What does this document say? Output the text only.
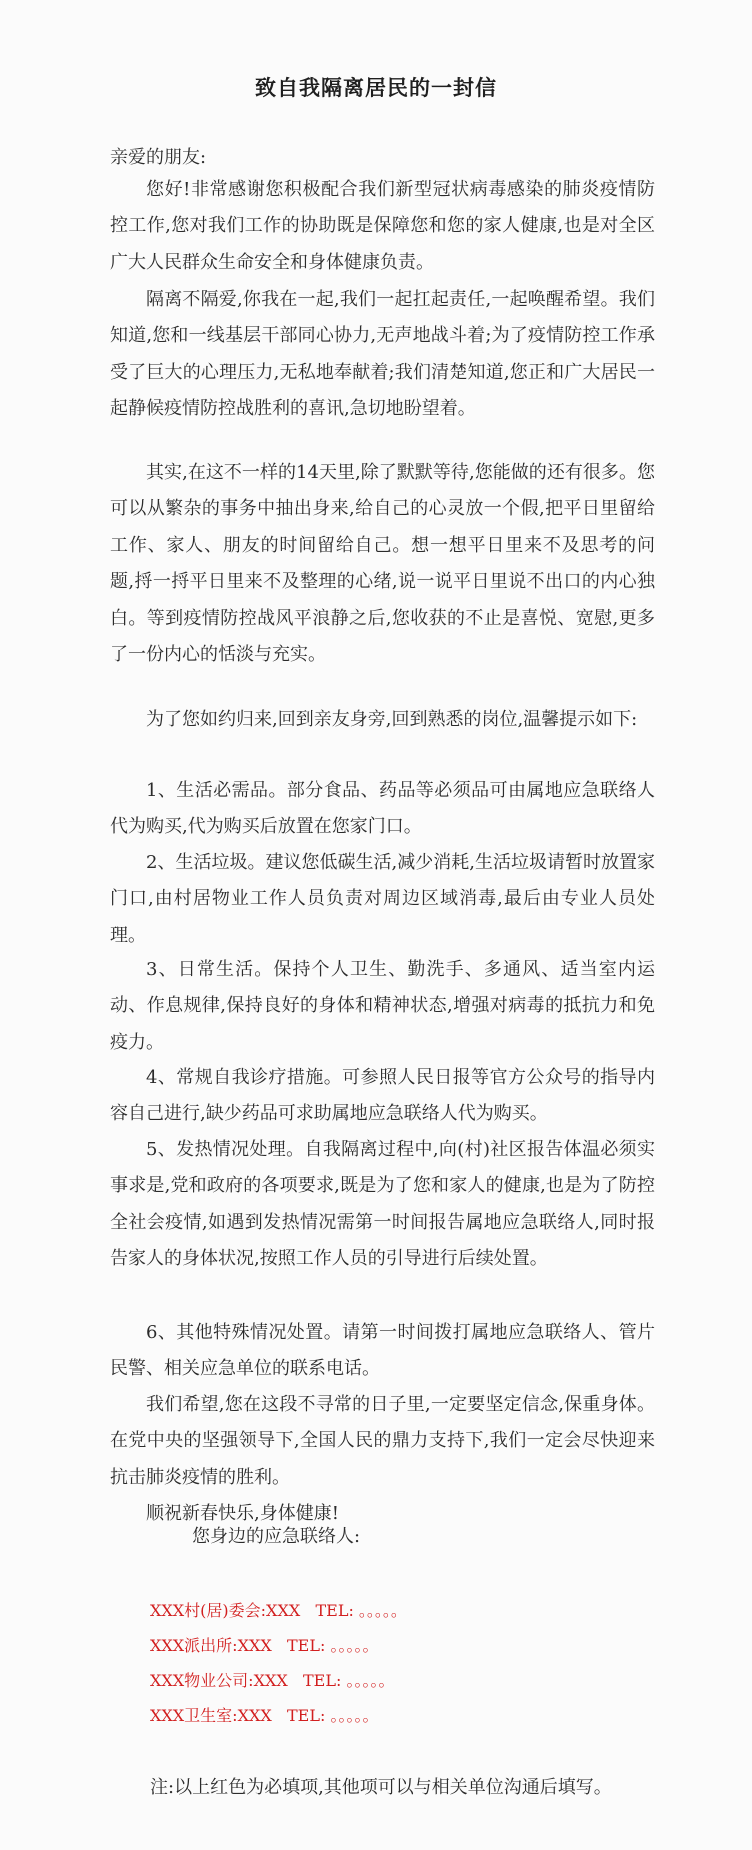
致自我隔离居民的一封信
亲爱的朋友:

您好!非常感谢您积极配合我们新型冠状病毒感染的肺炎疫情防控工作,您对我们工作的协助既是保障您和您的家人健康,也是对全区广大人民群众生命安全和身体健康负责。

隔离不隔爱,你我在一起,我们一起扛起责任,一起唤醒希望。我们知道,您和一线基层干部同心协力,无声地战斗着;为了疫情防控工作承受了巨大的心理压力,无私地奉献着;我们清楚知道,您正和广大居民一起静候疫情防控战胜利的喜讯,急切地盼望着。

其实,在这不一样的14天里,除了默默等待,您能做的还有很多。您可以从繁杂的事务中抽出身来,给自己的心灵放一个假,把平日里留给工作、家人、朋友的时间留给自己。想一想平日里来不及思考的问题,捋一捋平日里来不及整理的心绪,说一说平日里说不出口的内心独白。等到疫情防控战风平浪静之后,您收获的不止是喜悦、宽慰,更多了一份内心的恬淡与充实。

为了您如约归来,回到亲友身旁,回到熟悉的岗位,温馨提示如下:

1、生活必需品。部分食品、药品等必须品可由属地应急联络人代为购买,代为购买后放置在您家门口。

2、生活垃圾。建议您低碳生活,减少消耗,生活垃圾请暂时放置家门口,由村居物业工作人员负责对周边区域消毒,最后由专业人员处理。

3、日常生活。保持个人卫生、勤洗手、多通风、适当室内运动、作息规律,保持良好的身体和精神状态,增强对病毒的抵抗力和免疫力。

4、常规自我诊疗措施。可参照人民日报等官方公众号的指导内容自己进行,缺少药品可求助属地应急联络人代为购买。

5、发热情况处理。自我隔离过程中,向(村)社区报告体温必须实事求是,党和政府的各项要求,既是为了您和家人的健康,也是为了防控全社会疫情,如遇到发热情况需第一时间报告属地应急联络人,同时报告家人的身体状况,按照工作人员的引导进行后续处置。

6、其他特殊情况处置。请第一时间拨打属地应急联络人、管片民警、相关应急单位的联系电话。

我们希望,您在这段不寻常的日子里,一定要坚定信念,保重身体。在党中央的坚强领导下,全国人民的鼎力支持下,我们一定会尽快迎来抗击肺炎疫情的胜利。

顺祝新春快乐,身体健康!

您身边的应急联络人:
XXX村(居)委会:XXX   TEL: 。。。。。
XXX派出所:XXX   TEL: 。。。。。
XXX物业公司:XXX   TEL: 。。。。。
XXX卫生室:XXX   TEL: 。。。。。

注:以上红色为必填项,其他项可以与相关单位沟通后填写。
